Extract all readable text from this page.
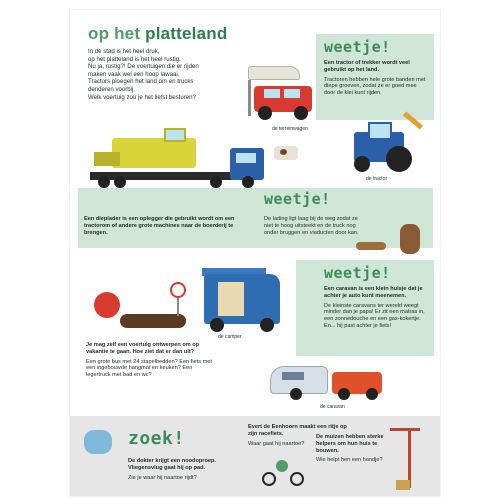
op het platteland

In de stad is het heel druk,

op het platteland is het heel rustig.

Nu ja, rustig?! De voertuigen die er rijden

maken vaak wel een hoop lawaai.

Tractors ploegen het land om en trucks

denderen voorbij.

Welk voertuig zou je het liefst besturen?

weetje!
Een tractor of trekker wordt veel gebruikt op het land.
Tractoren hebben hele grote banden met diepe groeven, zodat ze er goed mee door de klei kunt rijden.
de terreinwagen
de tractor
weetje!
Een dieplader is een oplegger die gebruikt wordt om een tractorom of andere grote machines naar de boerderij te brengen.
De lading ligt laag bij de weg zodat ze niet te hoog uitsteekt en de truck nog onder bruggen en viaducten door kan.
de camper
weetje!
Een caravan is een klein huisje dat je achter je auto kunt meenemen.
De kleinste caravans ter wereld weegt minder dan je papa! Er zit een matras in, een zonnedouche en een gas-kokertje. En... hij past achter je fiets!
Je mag zelf een voertuig ontwerpen om op vakantie te gaan. Hoe ziet dat er dan uit?
Een grote bus met 24 stapelbedden? Een fiets met een ingebouwde hangmat en keuken? Een legertruck met bad en wc?
de caravan
zoek!
De dokter krijgt een noodoproep. Vliegensvlug gaat hij op pad.
Zie je waar hij naartoe rijdt?
Evert de Eenhoorn maakt een ritje op zijn racefiets.
Waar gaat hij naartoe?
De muizen hebben sterke helpers om hun huis te bouwen.
Wie helpt hen een handje?
